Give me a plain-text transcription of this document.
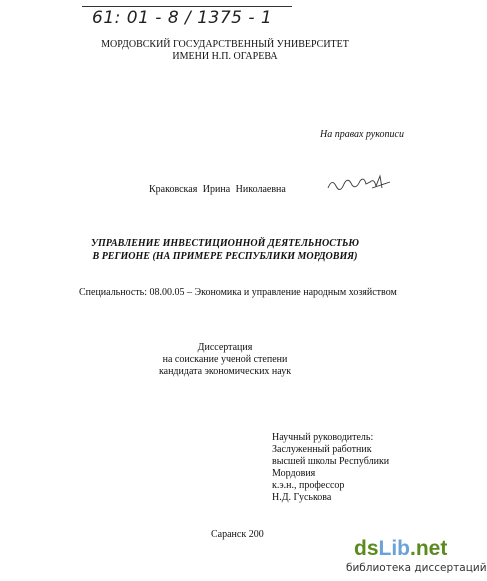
61: 01 - 8 / 1375 - 1
МОРДОВСКИЙ ГОСУДАРСТВЕННЫЙ УНИВЕРСИТЕТ
ИМЕНИ Н.П. ОГАРЕВА
На правах рукописи
Краковская Ирина Николаевна
УПРАВЛЕНИЕ ИНВЕСТИЦИОННОЙ ДЕЯТЕЛЬНОСТЬЮ
В РЕГИОНЕ (НА ПРИМЕРЕ РЕСПУБЛИКИ МОРДОВИЯ)
Специальность: 08.00.05 – Экономика и управление народным хозяйством
Диссертация
на соискание ученой степени
кандидата экономических наук
Научный руководитель:
Заслуженный работник
высшей школы Республики
Мордовия
к.э.н., профессор
Н.Д. Гуськова
Саранск 200
dsLib.net
библиотека диссертаций
